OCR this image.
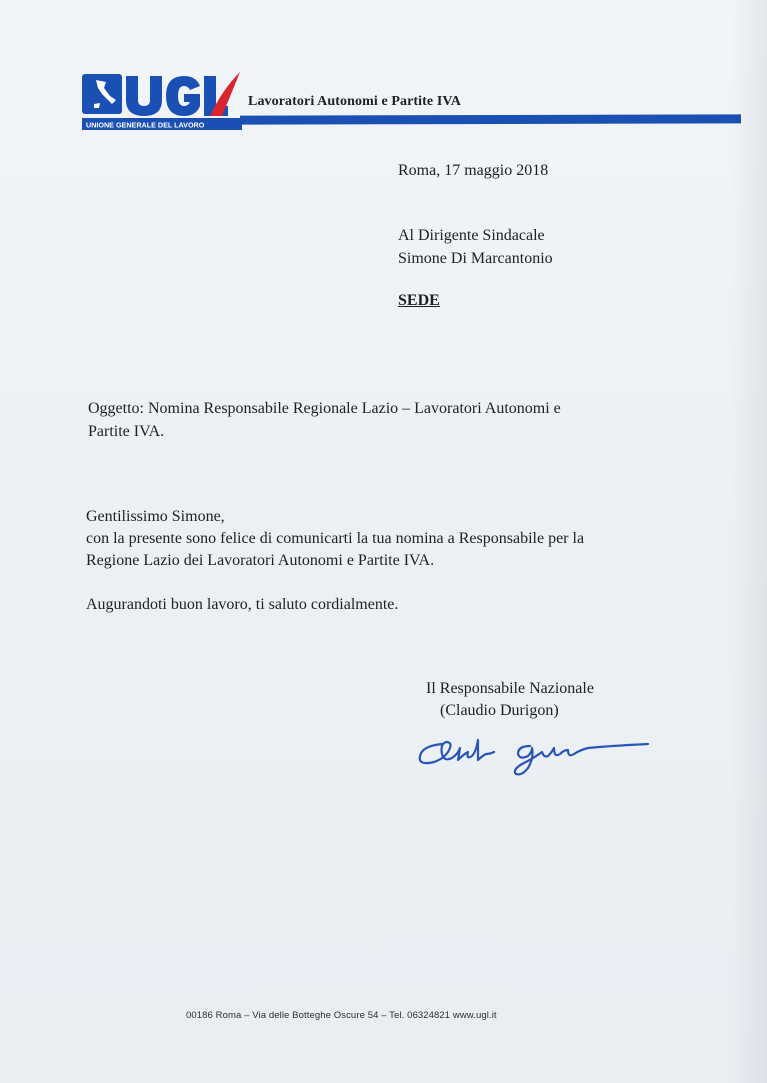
UNIONE GENERALE DEL LAVORO
Lavoratori Autonomi e Partite IVA
Roma, 17 maggio 2018
Al Dirigente Sindacale
Simone Di Marcantonio
SEDE
Oggetto: Nomina Responsabile Regionale Lazio – Lavoratori Autonomi e
Partite IVA.
Gentilissimo Simone,
con la presente sono felice di comunicarti la tua nomina a Responsabile per la
Regione Lazio dei Lavoratori Autonomi e Partite IVA.
Augurandoti buon lavoro, ti saluto cordialmente.
Il Responsabile Nazionale
(Claudio Durigon)
00186 Roma – Via delle Botteghe Oscure 54 – Tel. 06324821 www.ugl.it
